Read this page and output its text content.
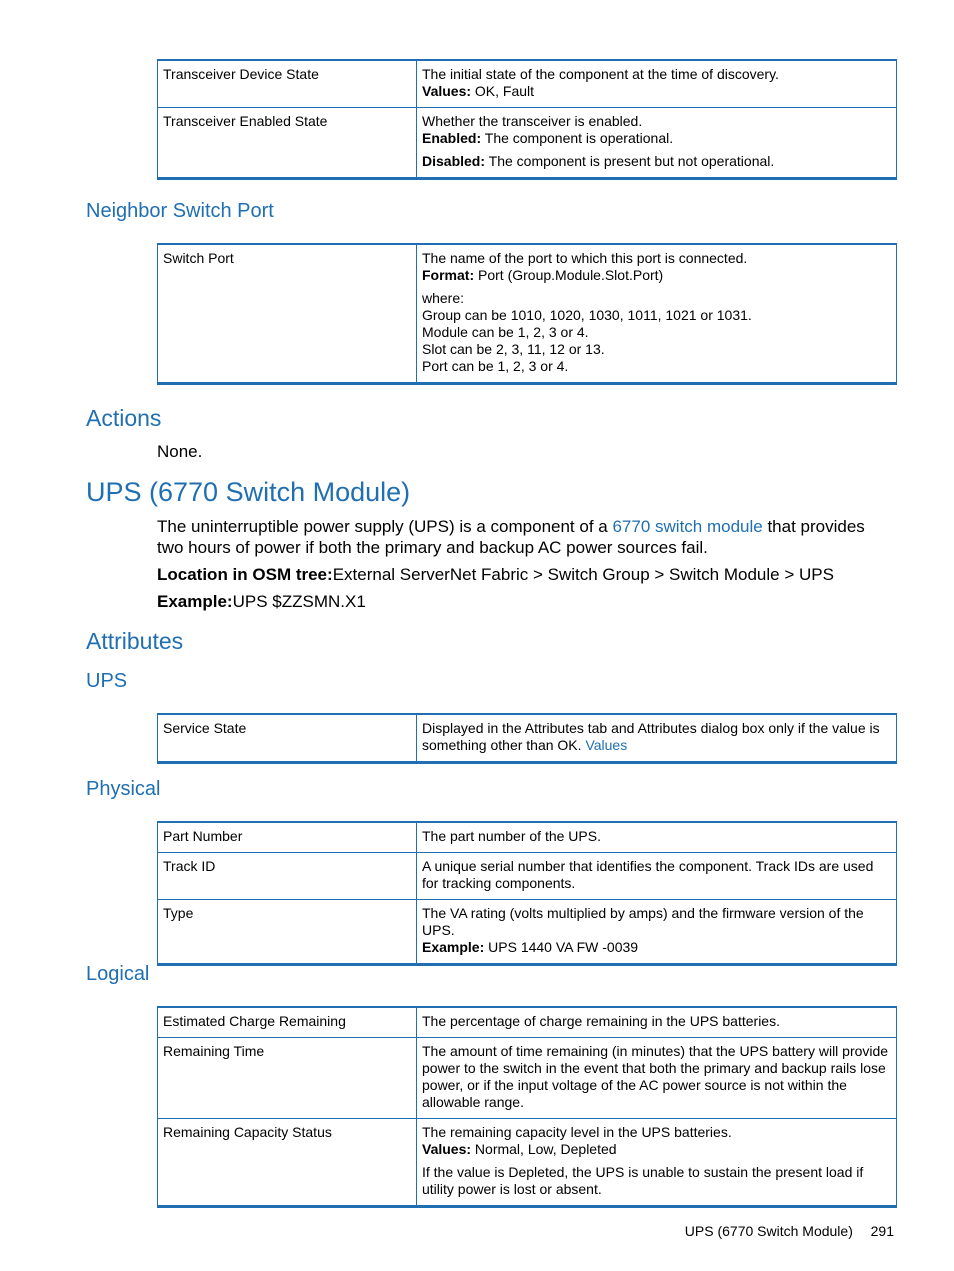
Transceiver Device State	The initial state of the component at the time of discovery.
Values: OK, Fault

Transceiver Enabled State	Whether the transceiver is enabled.
Enabled: The component is operational.
Disabled: The component is present but not operational.
Neighbor Switch Port
Switch Port	The name of the port to which this port is connected.
Format: Port (Group.Module.Slot.Port)
where:
Group can be 1010, 1020, 1030, 1011, 1021 or 1031.
Module can be 1, 2, 3 or 4.
Slot can be 2, 3, 11, 12 or 13.
Port can be 1, 2, 3 or 4.
Actions
None.
UPS (6770 Switch Module)
The uninterruptible power supply (UPS) is a component of a 6770 switch module that provides
two hours of power if both the primary and backup AC power sources fail.
Location in OSM tree:External ServerNet Fabric > Switch Group > Switch Module > UPS
Example:UPS $ZZSMN.X1
Attributes
UPS
Service State	Displayed in the Attributes tab and Attributes dialog box only if the value is
something other than OK. Values
Physical
Part Number	The part number of the UPS.
Track ID	A unique serial number that identifies the component. Track IDs are used for tracking components.
Type	The VA rating (volts multiplied by amps) and the firmware version of the UPS.
Example: UPS 1440 VA FW -0039
Logical
Estimated Charge Remaining	The percentage of charge remaining in the UPS batteries.
Remaining Time	The amount of time remaining (in minutes) that the UPS battery will provide power to the switch in the event that both the primary and backup rails lose power, or if the input voltage of the AC power source is not within the allowable range.
Remaining Capacity Status	The remaining capacity level in the UPS batteries.
Values: Normal, Low, Depleted
If the value is Depleted, the UPS is unable to sustain the present load if utility power is lost or absent.
UPS (6770 Switch Module) 291
